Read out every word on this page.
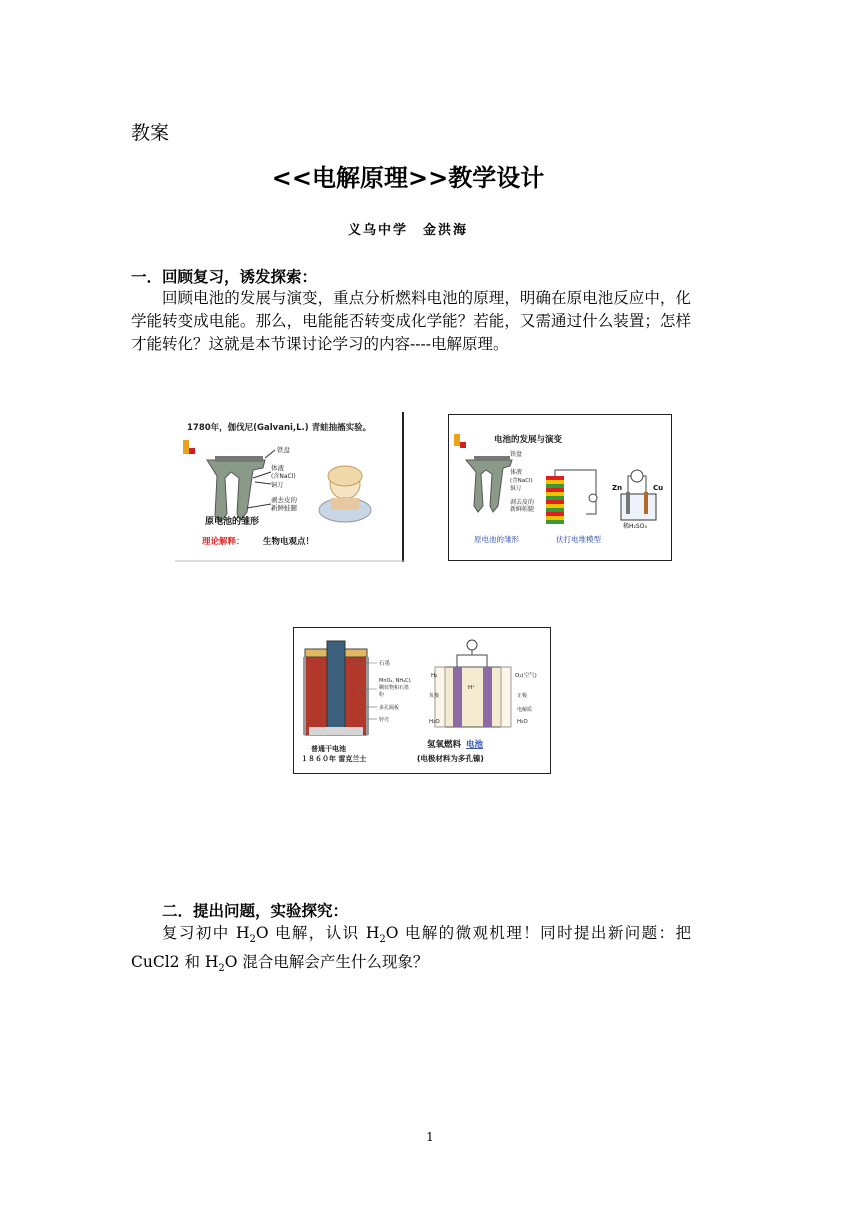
教案
<<电解原理>>教学设计
义乌中学　金洪海
一．回顾复习，诱发探索：
回顾电池的发展与演变，重点分析燃料电池的原理，明确在原电池反应中，化学能转变成电能。那么，电能能否转变成化学能？若能，又需通过什么装置；怎样才能转化？这就是本节课讨论学习的内容----电解原理。
1780年，伽伐尼(Galvani,L.) 青蛙抽搐实验。
铁盘
体液
(含NaCl)
铜刀
剥去皮的
新鲜蛙腿
原电池的雏形
理论解释： 生物电观点！
电池的发展与演变
铁盘
体液
(含NaCl)
铜刀
剥去皮的
新鲜蛙腿
Zn	Cu
稀H₂SO₄
原电池的雏形	伏打电堆模型
石墨
MnO₂, NH₄Cl,
糊状物和石墨
粉
多孔隔板
锌壳
普通干电池
１８６０年 雷克兰士
H₂	O₂(空气)
负极	正极
电解质
H₂O	H₂O
H⁺
氢氧燃料 电池
(电极材料为多孔镍)
二．提出问题，实验探究：
复习初中 $H_2O$ 电解，认识 $H_2O$ 电解的微观机理！同时提出新问题：把 CuCl2 和 $H_2O$ 混合电解会产生什么现象？
1
